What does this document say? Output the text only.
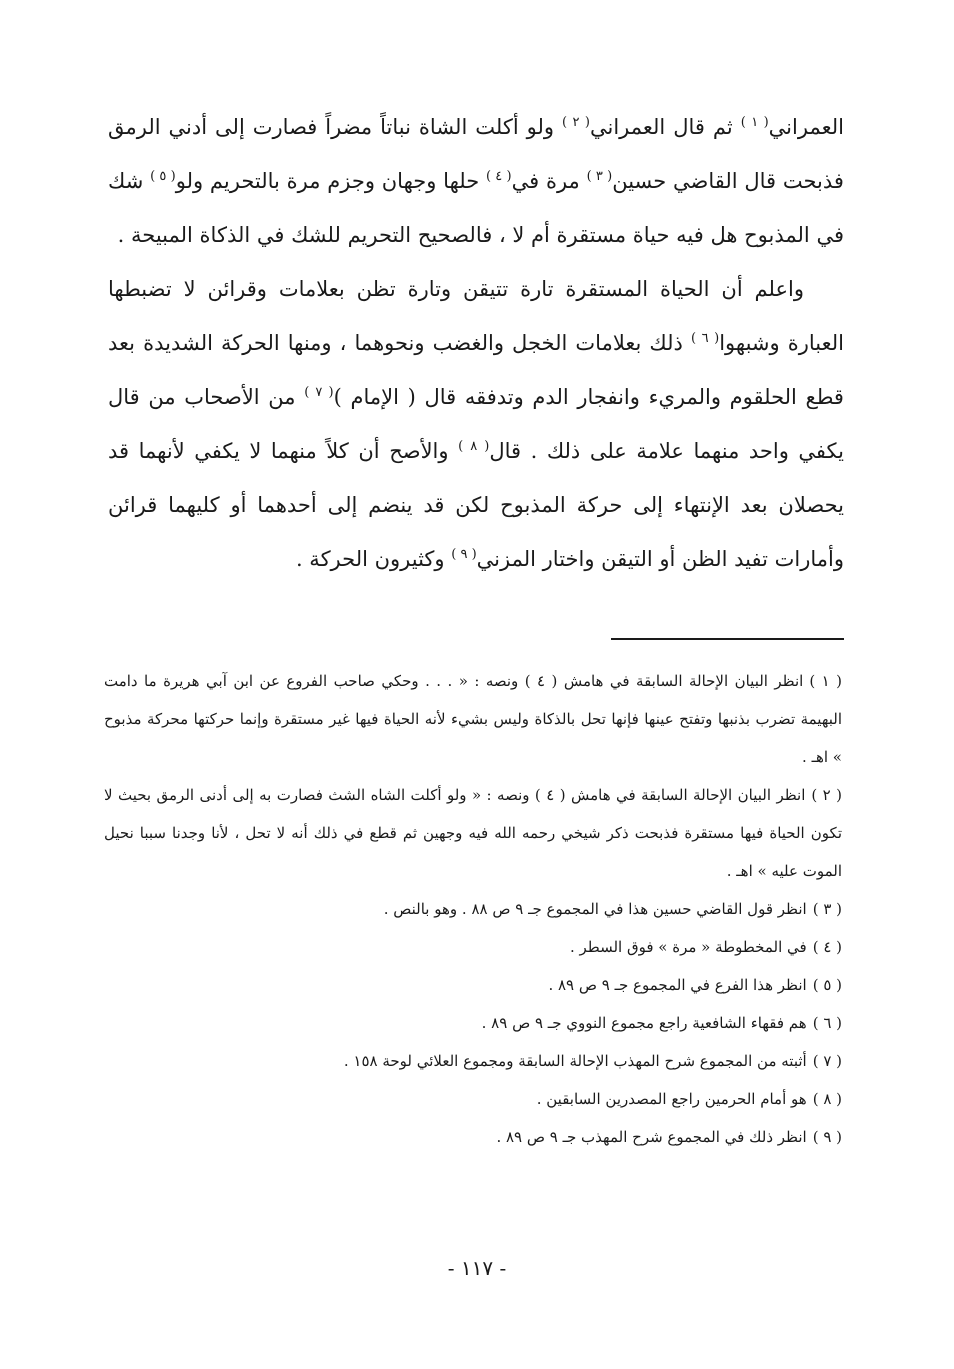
العمراني$^{( ١ )}$ ثم قال العمراني$^{( ٢ )}$ ولو أكلت الشاة نباتاً مضراً فصارت إلى أدني الرمق فذبحت قال القاضي حسين$^{( ٣ )}$ مرة في$^{( ٤ )}$ حلها وجهان وجزم مرة بالتحريم ولو$^{( ٥ )}$ شك في المذبوح هل فيه حياة مستقرة أم لا ، فالصحيح التحريم للشك في الذكاة المبيحة .

واعلم أن الحياة المستقرة تارة تتيقن وتارة تظن بعلامات وقرائن لا تضبطها العبارة وشبهوا$^{( ٦ )}$ ذلك بعلامات الخجل والغضب ونحوهما ، ومنها الحركة الشديدة بعد قطع الحلقوم والمريء وانفجار الدم وتدفقه قال ( الإمام )$^{( ٧ )}$ من الأصحاب من قال يكفي واحد منهما علامة على ذلك . قال$^{( ٨ )}$ والأصح أن كلاً منهما لا يكفي لأنهما قد يحصلان بعد الإنتهاء إلى حركة المذبوح لكن قد ينضم إلى أحدهما أو كليهما قرائن وأمارات تفيد الظن أو التيقن واختار المزني$^{( ٩ )}$ وكثيرون الحركة .

( ١ )انظر البيان الإحالة السابقة في هامش ( ٤ ) ونصه : « . . . وحكي صاحب الفروع عن ابن آبي هريرة ما دامت البهيمة تضرب بذنبها وتفتح عينها فإنها تحل بالذكاة وليس بشيء لأنه الحياة فيها غير مستقرة وإنما حركتها محركة مذبوح » اهـ .
( ٢ )انظر البيان الإحالة السابقة في هامش ( ٤ ) ونصه : « ولو أكلت الشاه الشث فصارت به إلى أدنى الرمق بحيث لا تكون الحياة فيها مستقرة فذبحت ذكر شيخي رحمه الله فيه وجهين ثم قطع في ذلك أنه لا تحل ، لأنا وجدنا سببا نحيل الموت عليه » اهـ .
( ٣ )انظر قول القاضي حسين هذا في المجموع جـ ٩ ص ٨٨ . وهو بالنص .
( ٤ )في المخطوطة « مرة » فوق السطر .
( ٥ )انظر هذا الفرع في المجموع جـ ٩ ص ٨٩ .
( ٦ )هم فقهاء الشافعية راجع مجموع النووي جـ ٩ ص ٨٩ .
( ٧ )أثبته من المجموع شرح المهذب الإحالة السابقة ومجموع العلائي لوحة ١٥٨ .
( ٨ )هو أمام الحرمين راجع المصدرين السابقين .
( ٩ )انظر ذلك في المجموع شرح المهذب جـ ٩ ص ٨٩ .
- ١١٧ -
